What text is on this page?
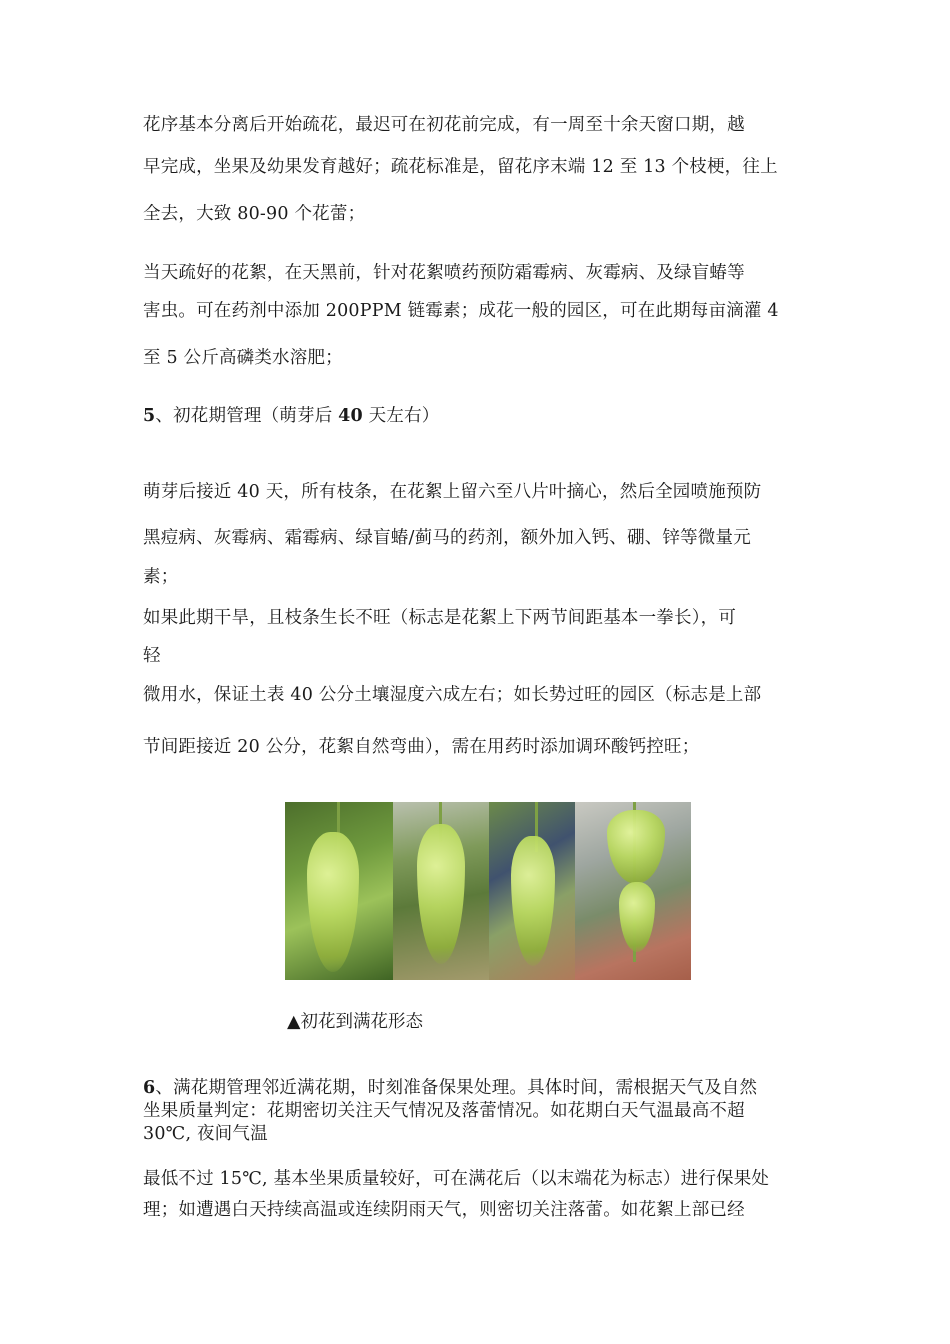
花序基本分离后开始疏花，最迟可在初花前完成，有一周至十余天窗口期，越

早完成，坐果及幼果发育越好；疏花标准是，留花序末端 12 至 13 个枝梗，往上

全去，大致 80-90 个花蕾；

当天疏好的花絮，在天黑前，针对花絮喷药预防霜霉病、灰霉病、及绿盲蝽等

害虫。可在药剂中添加 200PPM 链霉素；成花一般的园区，可在此期每亩滴灌 4

至 5 公斤高磷类水溶肥；

5、初花期管理（萌芽后 40 天左右）

萌芽后接近 40 天，所有枝条，在花絮上留六至八片叶摘心，然后全园喷施预防

黑痘病、灰霉病、霜霉病、绿盲蝽/蓟马的药剂，额外加入钙、硼、锌等微量元

素；

如果此期干旱，且枝条生长不旺（标志是花絮上下两节间距基本一拳长），可

轻

微用水，保证土表 40 公分土壤湿度六成左右；如长势过旺的园区（标志是上部

节间距接近 20 公分，花絮自然弯曲），需在用药时添加调环酸钙控旺；

▲初花到满花形态

6、满花期管理邻近满花期，时刻准备保果处理。具体时间，需根据天气及自然

坐果质量判定：花期密切关注天气情况及落蕾情况。如花期白天气温最高不超

30℃, 夜间气温

最低不过 15℃, 基本坐果质量较好，可在满花后（以末端花为标志）进行保果处

理；如遭遇白天持续高温或连续阴雨天气，则密切关注落蕾。如花絮上部已经
